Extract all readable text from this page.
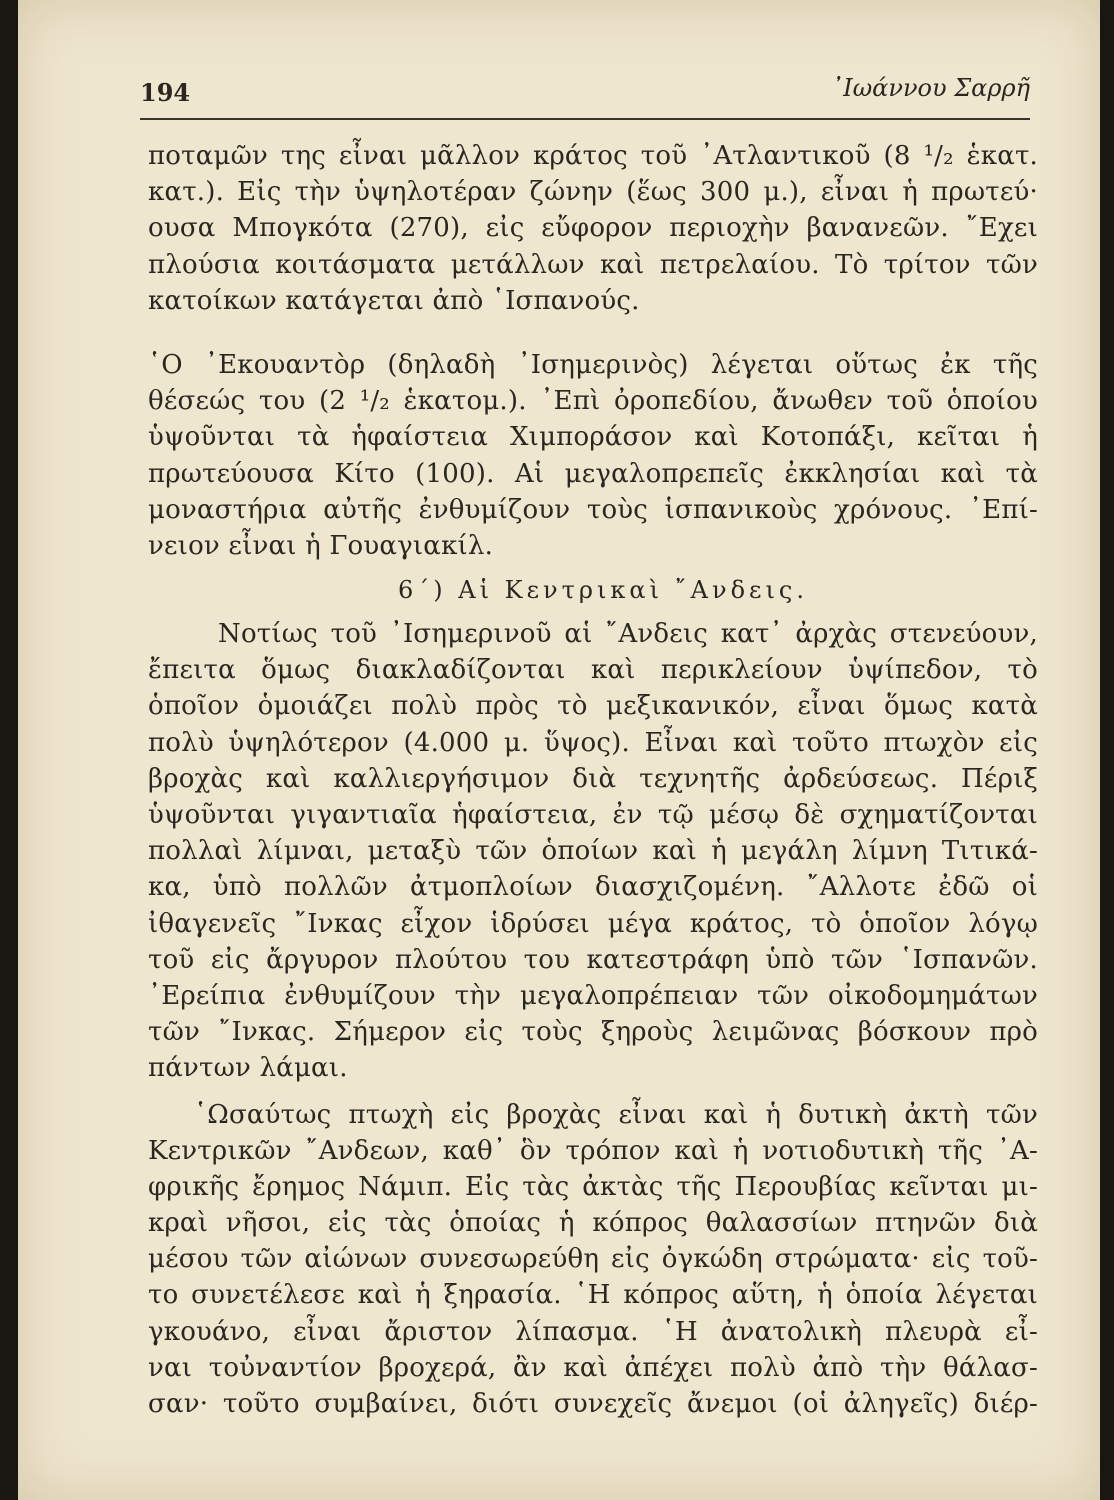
194	᾿Ιωάννου Σαρρῆ
ποταμῶν της εἶναι μᾶλλον κράτος τοῦ ᾿Ατλαντικοῦ (8 ¹/₂ ἑκατ.
κατ.). Εἰς τὴν ὑψηλοτέραν ζώνην (ἕως 300 μ.), εἶναι ἡ πρωτεύ·
ουσα Μπογκότα (270), εἰς εὔφορον περιοχὴν βανανεῶν. ῎Εχει
πλούσια κοιτάσματα μετάλλων καὶ πετρελαίου. Τὸ τρίτον τῶν
κατοίκων κατάγεται ἀπὸ ῾Ισπανούς.
῾Ο ᾿Εκουαντὸρ (δηλαδὴ ᾿Ισημερινὸς) λέγεται οὕτως ἐκ τῆς
θέσεώς του (2 ¹/₂ ἑκατομ.). ᾿Επὶ ὀροπεδίου, ἄνωθεν τοῦ ὁποίου
ὑψοῦνται τὰ ἡφαίστεια Χιμποράσον καὶ Κοτοπάξι, κεῖται ἡ
πρωτεύουσα Κίτο (100). Αἱ μεγαλοπρεπεῖς ἐκκλησίαι καὶ τὰ
μοναστήρια αὐτῆς ἐνθυμίζουν τοὺς ἱσπανικοὺς χρόνους. ᾿Επί-
νειον εἶναι ἡ Γουαγιακίλ.
6΄) Αἱ Κεντρικαὶ ῎Ανδεις.
Νοτίως τοῦ ᾿Ισημερινοῦ αἱ ῎Ανδεις κατ᾿ ἀρχὰς στενεύουν,
ἔπειτα ὅμως διακλαδίζονται καὶ περικλείουν ὑψίπεδον, τὸ
ὁποῖον ὁμοιάζει πολὺ πρὸς τὸ μεξικανικόν, εἶναι ὅμως κατὰ
πολὺ ὑψηλότερον (4.000 μ. ὕψος). Εἶναι καὶ τοῦτο πτωχὸν εἰς
βροχὰς καὶ καλλιεργήσιμον διὰ τεχνητῆς ἀρδεύσεως. Πέριξ
ὑψοῦνται γιγαντιαῖα ἡφαίστεια, ἐν τῷ μέσῳ δὲ σχηματίζονται
πολλαὶ λίμναι, μεταξὺ τῶν ὁποίων καὶ ἡ μεγάλη λίμνη Τιτικά-
κα, ὑπὸ πολλῶν ἀτμοπλοίων διασχιζομένη. ῎Αλλοτε ἐδῶ οἱ
ἰθαγενεῖς ῎Ινκας εἶχον ἱδρύσει μέγα κράτος, τὸ ὁποῖον λόγῳ
τοῦ εἰς ἄργυρον πλούτου του κατεστράφη ὑπὸ τῶν ῾Ισπανῶν.
᾿Ερείπια ἐνθυμίζουν τὴν μεγαλοπρέπειαν τῶν οἰκοδομημάτων
τῶν ῎Ινκας. Σήμερον εἰς τοὺς ξηροὺς λειμῶνας βόσκουν πρὸ
πάντων λάμαι.
῾Ωσαύτως πτωχὴ εἰς βροχὰς εἶναι καὶ ἡ δυτικὴ ἀκτὴ τῶν
Κεντρικῶν ῎Ανδεων, καθ᾿ ὃν τρόπον καὶ ἡ νοτιοδυτικὴ τῆς ᾿Α-
φρικῆς ἔρημος Νάμιπ. Εἰς τὰς ἀκτὰς τῆς Περουβίας κεῖνται μι-
κραὶ νῆσοι, εἰς τὰς ὁποίας ἡ κόπρος θαλασσίων πτηνῶν διὰ
μέσου τῶν αἰώνων συνεσωρεύθη εἰς ὀγκώδη στρώματα· εἰς τοῦ-
το συνετέλεσε καὶ ἡ ξηρασία. ῾Η κόπρος αὕτη, ἡ ὁποία λέγεται
γκουάνο, εἶναι ἄριστον λίπασμα. ῾Η ἀνατολικὴ πλευρὰ εἶ-
ναι τοὐναντίον βροχερά, ἂν καὶ ἀπέχει πολὺ ἀπὸ τὴν θάλασ-
σαν· τοῦτο συμβαίνει, διότι συνεχεῖς ἄνεμοι (οἱ ἀληγεῖς) διέρ-
